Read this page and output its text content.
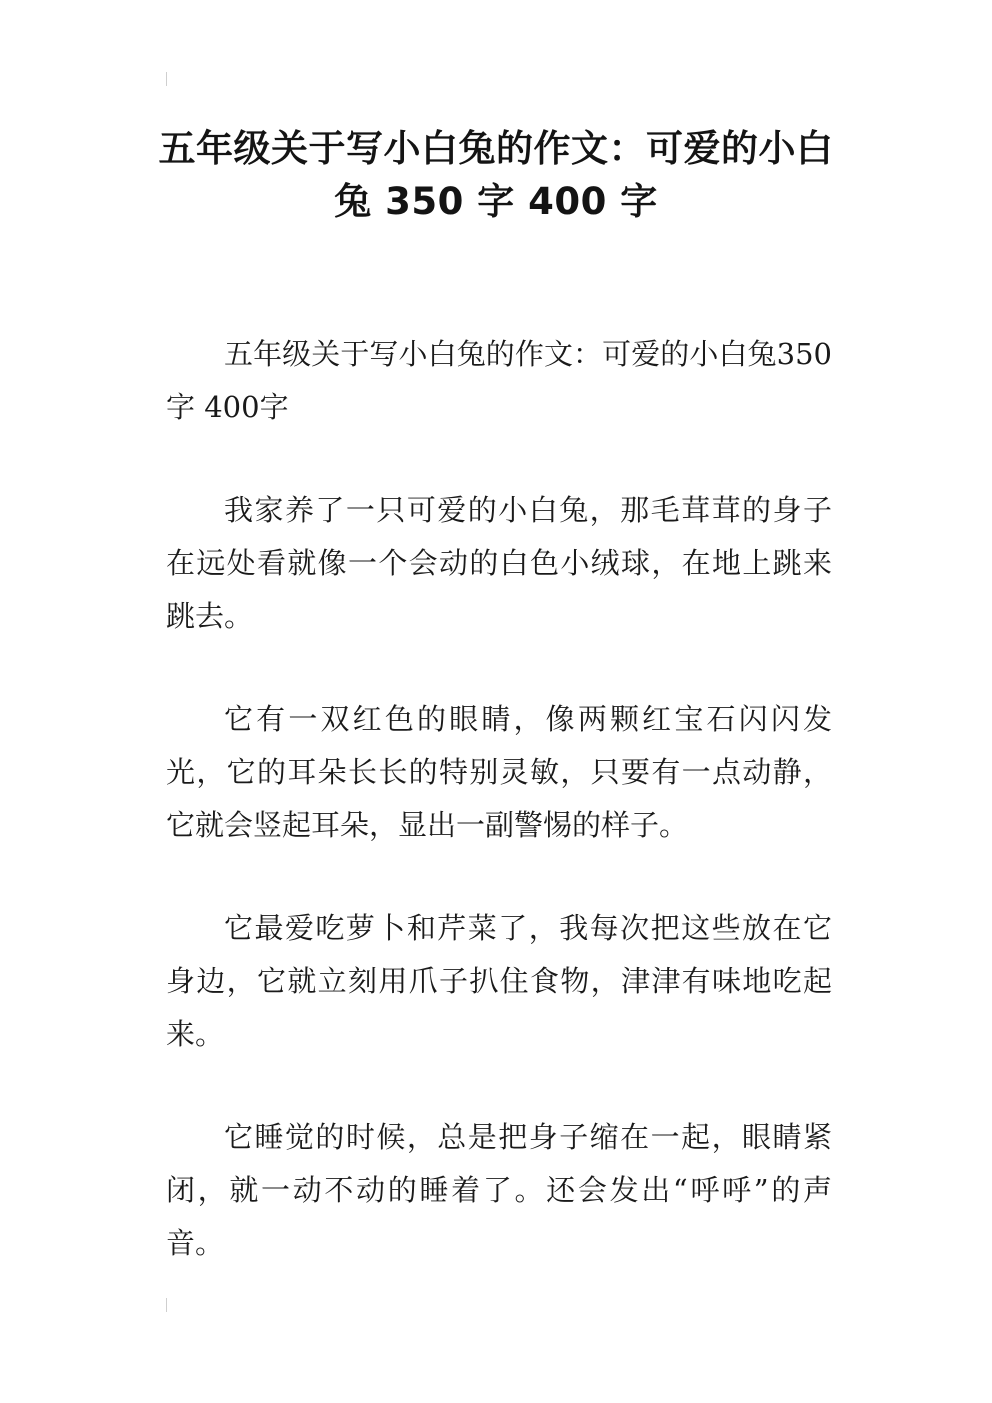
五年级关于写小白兔的作文：可爱的小白兔 350 字 400 字

五年级关于写小白兔的作文：可爱的小白兔350字 400字

我家养了一只可爱的小白兔，那毛茸茸的身子在远处看就像一个会动的白色小绒球，在地上跳来跳去。

它有一双红色的眼睛，像两颗红宝石闪闪发光，它的耳朵长长的特别灵敏，只要有一点动静，它就会竖起耳朵，显出一副警惕的样子。

它最爱吃萝卜和芹菜了，我每次把这些放在它身边，它就立刻用爪子扒住食物，津津有味地吃起来。

它睡觉的时候，总是把身子缩在一起，眼睛紧闭，就一动不动的睡着了。还会发出“呼呼”的声音。
